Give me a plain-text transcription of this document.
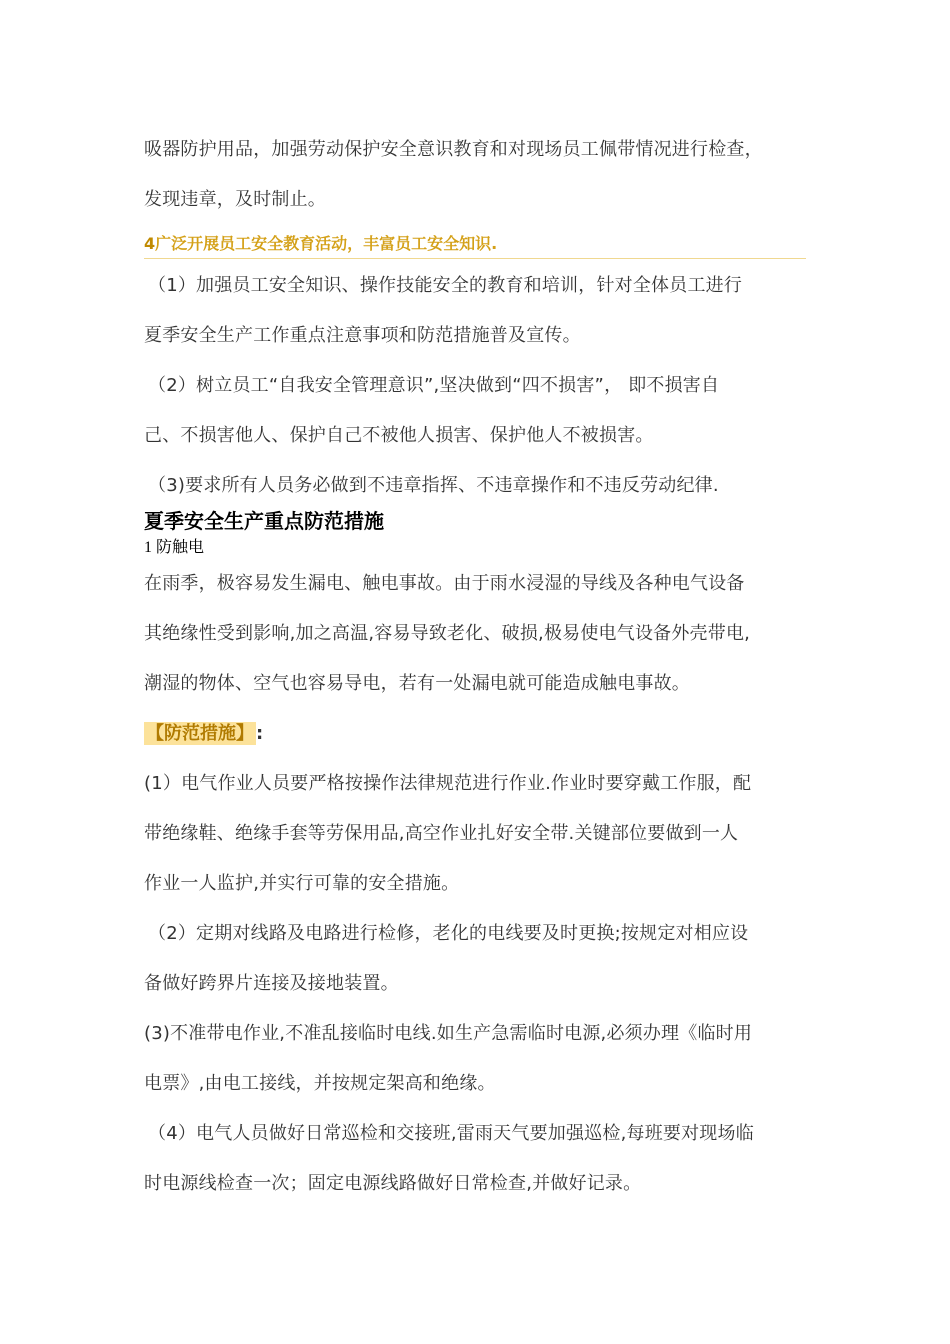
吸器防护用品，加强劳动保护安全意识教育和对现场员工佩带情况进行检查，
发现违章，及时制止。
4广泛开展员工安全教育活动，丰富员工安全知识.
（1）加强员工安全知识、操作技能安全的教育和培训，针对全体员工进行
夏季安全生产工作重点注意事项和防范措施普及宣传。
（2）树立员工“自我安全管理意识”,坚决做到“四不损害”， 即不损害自
己、不损害他人、保护自己不被他人损害、保护他人不被损害。
（3)要求所有人员务必做到不违章指挥、不违章操作和不违反劳动纪律.
夏季安全生产重点防范措施
1 防触电
在雨季，极容易发生漏电、触电事故。由于雨水浸湿的导线及各种电气设备
其绝缘性受到影响,加之高温,容易导致老化、破损,极易使电气设备外壳带电,
潮湿的物体、空气也容易导电，若有一处漏电就可能造成触电事故。
【防范措施】 :
(1）电气作业人员要严格按操作法律规范进行作业.作业时要穿戴工作服，配
带绝缘鞋、绝缘手套等劳保用品,高空作业扎好安全带.关键部位要做到一人
作业一人监护,并实行可靠的安全措施。
（2）定期对线路及电路进行检修，老化的电线要及时更换;按规定对相应设
备做好跨界片连接及接地装置。
(3)不准带电作业,不准乱接临时电线.如生产急需临时电源,必须办理《临时用
电票》,由电工接线，并按规定架高和绝缘。
（4）电气人员做好日常巡检和交接班,雷雨天气要加强巡检,每班要对现场临
时电源线检查一次；固定电源线路做好日常检查,并做好记录。
